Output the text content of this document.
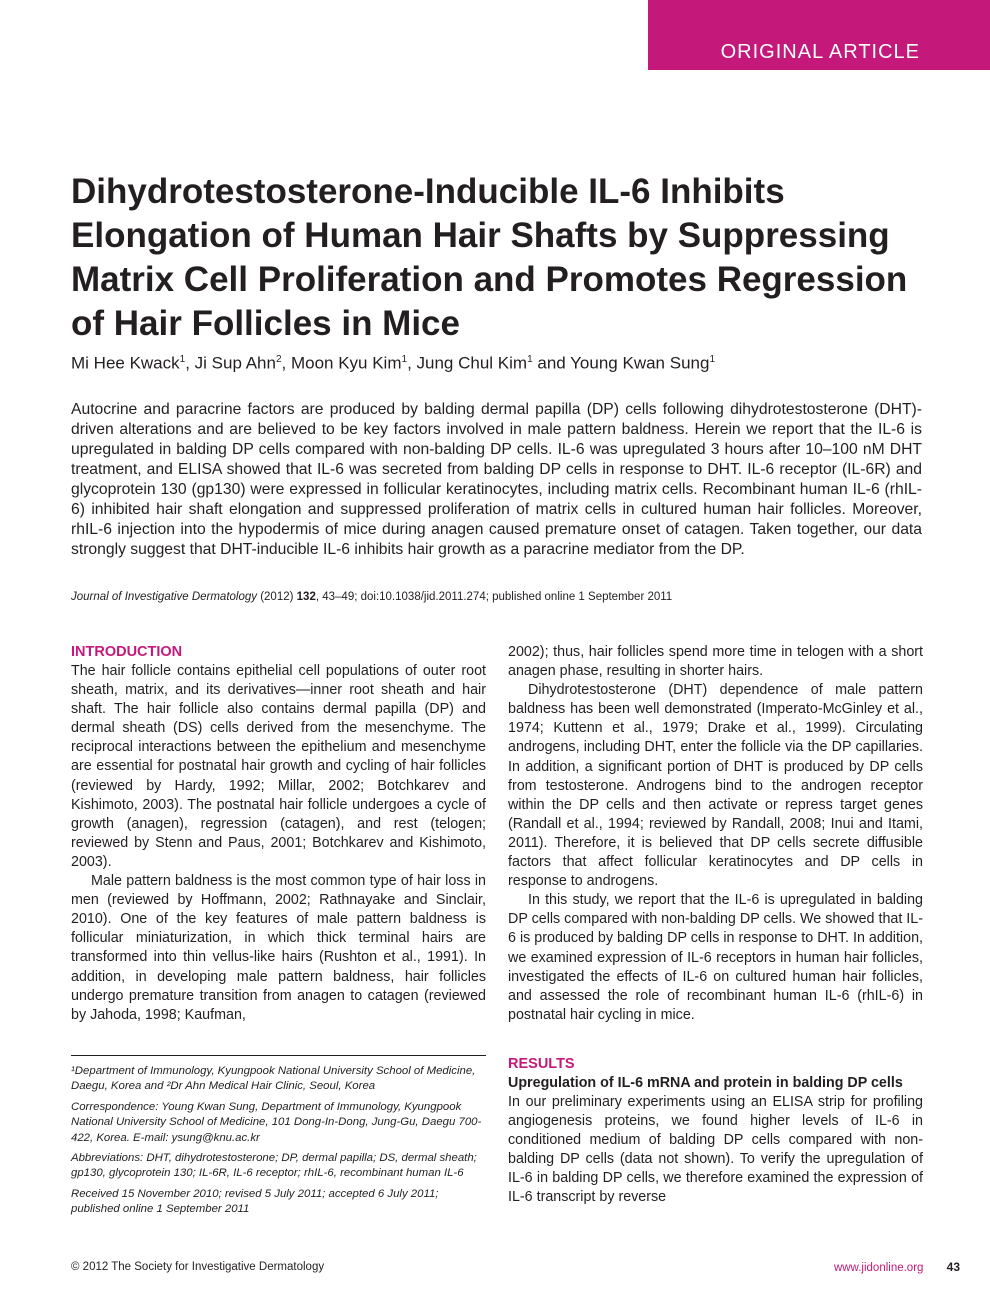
ORIGINAL ARTICLE
Dihydrotestosterone-Inducible IL-6 Inhibits Elongation of Human Hair Shafts by Suppressing Matrix Cell Proliferation and Promotes Regression of Hair Follicles in Mice

Mi Hee Kwack$^1$, Ji Sup Ahn$^2$, Moon Kyu Kim$^1$, Jung Chul Kim$^1$ and Young Kwan Sung$^1$

Autocrine and paracrine factors are produced by balding dermal papilla (DP) cells following dihydrotestosterone (DHT)-driven alterations and are believed to be key factors involved in male pattern baldness. Herein we report that the IL-6 is upregulated in balding DP cells compared with non-balding DP cells. IL-6 was upregulated 3 hours after 10–100 nM DHT treatment, and ELISA showed that IL-6 was secreted from balding DP cells in response to DHT. IL-6 receptor (IL-6R) and glycoprotein 130 (gp130) were expressed in follicular keratinocytes, including matrix cells. Recombinant human IL-6 (rhIL-6) inhibited hair shaft elongation and suppressed proliferation of matrix cells in cultured human hair follicles. Moreover, rhIL-6 injection into the hypodermis of mice during anagen caused premature onset of catagen. Taken together, our data strongly suggest that DHT-inducible IL-6 inhibits hair growth as a paracrine mediator from the DP.

Journal of Investigative Dermatology (2012) 132, 43–49; doi:10.1038/jid.2011.274; published online 1 September 2011

INTRODUCTION

The hair follicle contains epithelial cell populations of outer root sheath, matrix, and its derivatives—inner root sheath and hair shaft. The hair follicle also contains dermal papilla (DP) and dermal sheath (DS) cells derived from the mesenchyme. The reciprocal interactions between the epithelium and mesenchyme are essential for postnatal hair growth and cycling of hair follicles (reviewed by Hardy, 1992; Millar, 2002; Botchkarev and Kishimoto, 2003). The postnatal hair follicle undergoes a cycle of growth (anagen), regression (catagen), and rest (telogen; reviewed by Stenn and Paus, 2001; Botchkarev and Kishimoto, 2003).

Male pattern baldness is the most common type of hair loss in men (reviewed by Hoffmann, 2002; Rathnayake and Sinclair, 2010). One of the key features of male pattern baldness is follicular miniaturization, in which thick terminal hairs are transformed into thin vellus-like hairs (Rushton et al., 1991). In addition, in developing male pattern baldness, hair follicles undergo premature transition from anagen to catagen (reviewed by Jahoda, 1998; Kaufman,

2002); thus, hair follicles spend more time in telogen with a short anagen phase, resulting in shorter hairs.

Dihydrotestosterone (DHT) dependence of male pattern baldness has been well demonstrated (Imperato-McGinley et al., 1974; Kuttenn et al., 1979; Drake et al., 1999). Circulating androgens, including DHT, enter the follicle via the DP capillaries. In addition, a significant portion of DHT is produced by DP cells from testosterone. Androgens bind to the androgen receptor within the DP cells and then activate or repress target genes (Randall et al., 1994; reviewed by Randall, 2008; Inui and Itami, 2011). Therefore, it is believed that DP cells secrete diffusible factors that affect follicular keratinocytes and DP cells in response to androgens.

In this study, we report that the IL-6 is upregulated in balding DP cells compared with non-balding DP cells. We showed that IL-6 is produced by balding DP cells in response to DHT. In addition, we examined expression of IL-6 receptors in human hair follicles, investigated the effects of IL-6 on cultured human hair follicles, and assessed the role of recombinant human IL-6 (rhIL-6) in postnatal hair cycling in mice.

RESULTS

Upregulation of IL-6 mRNA and protein in balding DP cells

In our preliminary experiments using an ELISA strip for profiling angiogenesis proteins, we found higher levels of IL-6 in conditioned medium of balding DP cells compared with non-balding DP cells (data not shown). To verify the upregulation of IL-6 in balding DP cells, we therefore examined the expression of IL-6 transcript by reverse

¹Department of Immunology, Kyungpook National University School of Medicine, Daegu, Korea and ²Dr Ahn Medical Hair Clinic, Seoul, Korea

Correspondence: Young Kwan Sung, Department of Immunology, Kyungpook National University School of Medicine, 101 Dong-In-Dong, Jung-Gu, Daegu 700-422, Korea. E-mail: ysung@knu.ac.kr

Abbreviations: DHT, dihydrotestosterone; DP, dermal papilla; DS, dermal sheath; gp130, glycoprotein 130; IL-6R, IL-6 receptor; rhIL-6, recombinant human IL-6

Received 15 November 2010; revised 5 July 2011; accepted 6 July 2011; published online 1 September 2011

© 2012 The Society for Investigative Dermatology	www.jidonline.org 43
